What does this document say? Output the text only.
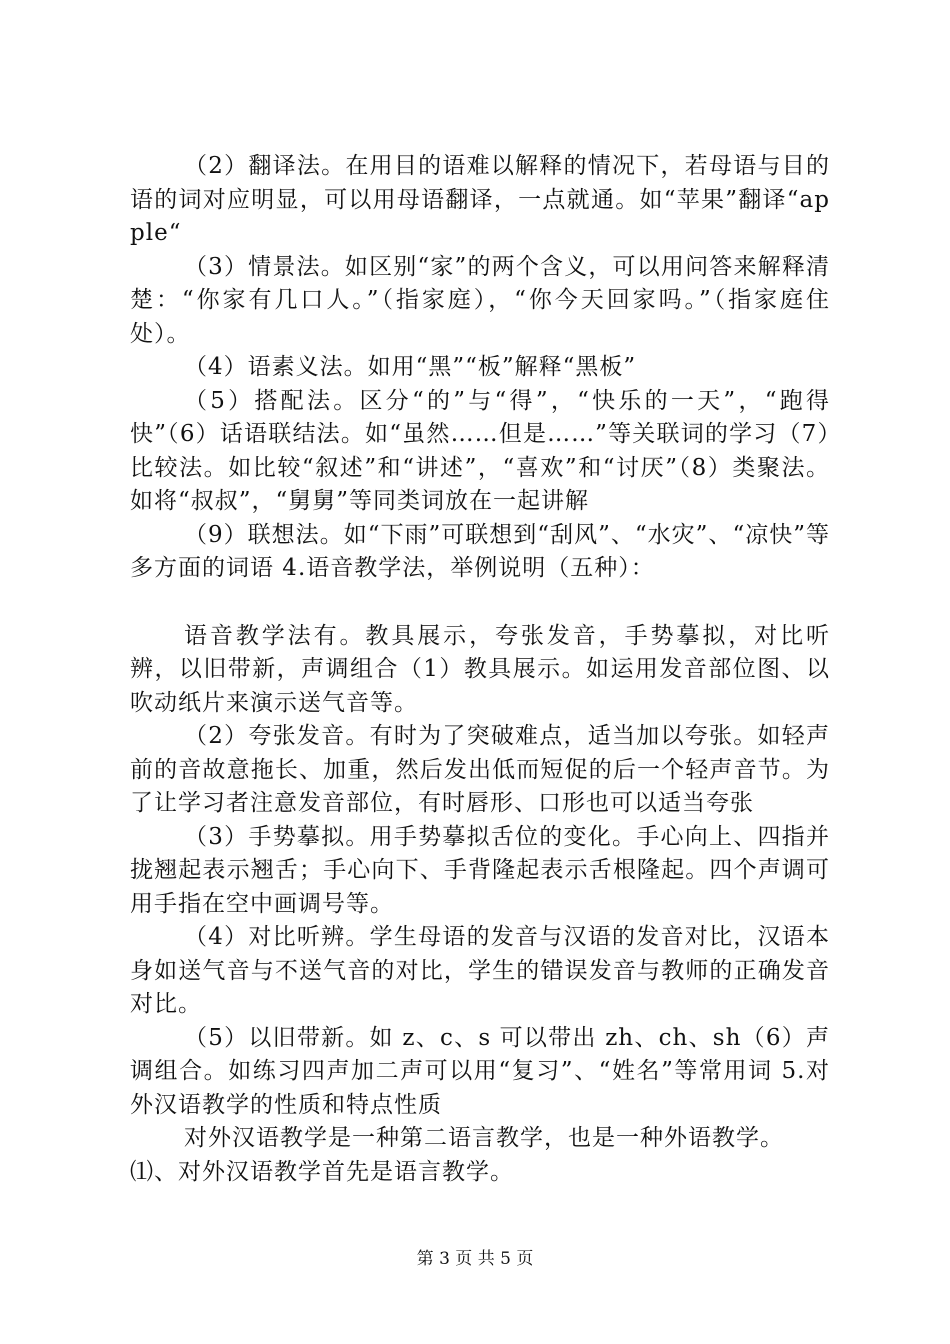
（2）翻译法。在用目的语难以解释的情况下，若母语与目的语的词对应明显，可以用母语翻译，一点就通。如“苹果”翻译“apple“

（3）情景法。如区别“家”的两个含义，可以用问答来解释清楚：“你家有几口人。”（指家庭），“你今天回家吗。”（指家庭住处）。

（4）语素义法。如用“黑”“板”解释“黑板”

（5）搭配法。区分“的”与“得”，“快乐的一天”，“跑得快”（6）话语联结法。如“虽然……但是……”等关联词的学习（7）比较法。如比较“叙述”和“讲述”，“喜欢”和“讨厌”（8）类聚法。如将“叔叔”，“舅舅”等同类词放在一起讲解

（9）联想法。如“下雨”可联想到“刮风”、“水灾”、“凉快”等多方面的词语 4.语音教学法，举例说明（五种）：

语音教学法有。教具展示，夸张发音，手势摹拟，对比听辨，以旧带新，声调组合（1）教具展示。如运用发音部位图、以吹动纸片来演示送气音等。

（2）夸张发音。有时为了突破难点，适当加以夸张。如轻声前的音故意拖长、加重，然后发出低而短促的后一个轻声音节。为了让学习者注意发音部位，有时唇形、口形也可以适当夸张

（3）手势摹拟。用手势摹拟舌位的变化。手心向上、四指并拢翘起表示翘舌；手心向下、手背隆起表示舌根隆起。四个声调可用手指在空中画调号等。

（4）对比听辨。学生母语的发音与汉语的发音对比，汉语本身如送气音与不送气音的对比，学生的错误发音与教师的正确发音对比。

（5）以旧带新。如 z、c、s 可以带出 zh、ch、sh（6）声调组合。如练习四声加二声可以用“复习”、“姓名”等常用词 5.对外汉语教学的性质和特点性质

对外汉语教学是一种第二语言教学，也是一种外语教学。

⑴、对外汉语教学首先是语言教学。

第 3 页 共 5 页
